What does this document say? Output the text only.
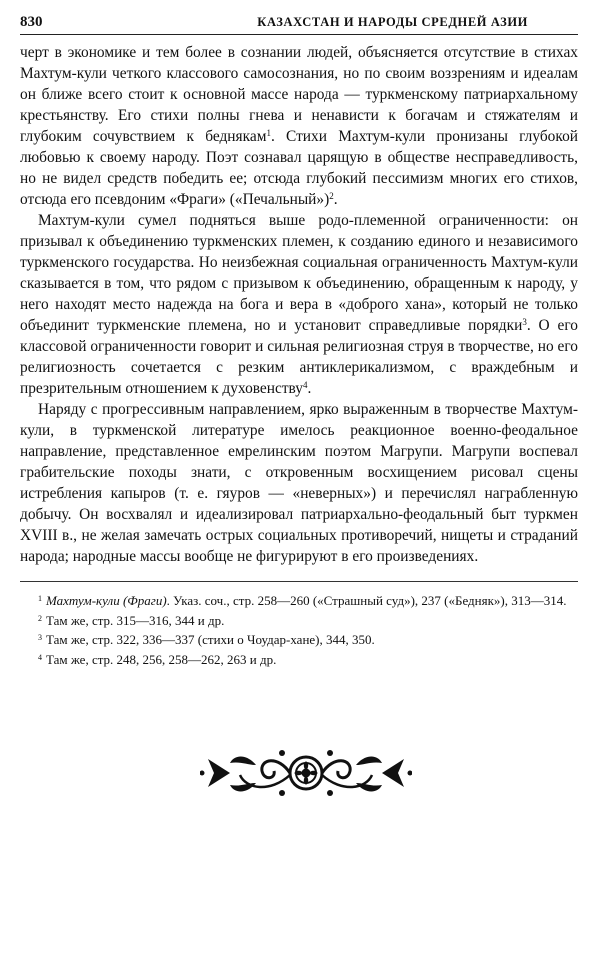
830	КАЗАХСТАН И НАРОДЫ СРЕДНЕЙ АЗИИ

черт в экономике и тем более в сознании людей, объясняется отсутствие в стихах Махтум-кули четкого классового самосознания, но по своим воззрениям и идеалам он ближе всего стоит к основной массе народа — туркменскому патриархальному крестьянству. Его стихи полны гнева и ненависти к богачам и стяжателям и глубоким сочувствием к беднякам$^1$. Стихи Махтум-кули пронизаны глубокой любовью к своему народу. Поэт сознавал царящую в обществе несправедливость, но не видел средств победить ее; отсюда глубокий пессимизм многих его стихов, отсюда его псевдоним «Фраги» («Печальный»)$^2$.

Махтум-кули сумел подняться выше родо-племенной ограниченности: он призывал к объединению туркменских племен, к созданию единого и независимого туркменского государства. Но неизбежная социальная ограниченность Махтум-кули сказывается в том, что рядом с призывом к объединению, обращенным к народу, у него находят место надежда на бога и вера в «доброго хана», который не только объединит туркменские племена, но и установит справедливые порядки$^3$. О его классовой ограниченности говорит и сильная религиозная струя в творчестве, но его религиозность сочетается с резким антиклерикализмом, с враждебным и презрительным отношением к духовенству$^4$.

Наряду с прогрессивным направлением, ярко выраженным в творчестве Махтум-кули, в туркменской литературе имелось реакционное военно-феодальное направление, представленное емрелинским поэтом Магрупи. Магрупи воспевал грабительские походы знати, с откровенным восхищением рисовал сцены истребления капыров (т. е. гяуров — «неверных») и перечислял награбленную добычу. Он восхвалял и идеализировал патриархально-феодальный быт туркмен XVIII в., не желая замечать острых социальных противоречий, нищеты и страданий народа; народные массы вообще не фигурируют в его произведениях.

$^1$ Махтум-кули (Фраги). Указ. соч., стр. 258—260 («Страшный суд»), 237 («Бедняк»), 313—314.
$^2$ Там же, стр. 315—316, 344 и др.
$^3$ Там же, стр. 322, 336—337 (стихи о Чоудар-хане), 344, 350.
$^4$ Там же, стр. 248, 256, 258—262, 263 и др.
